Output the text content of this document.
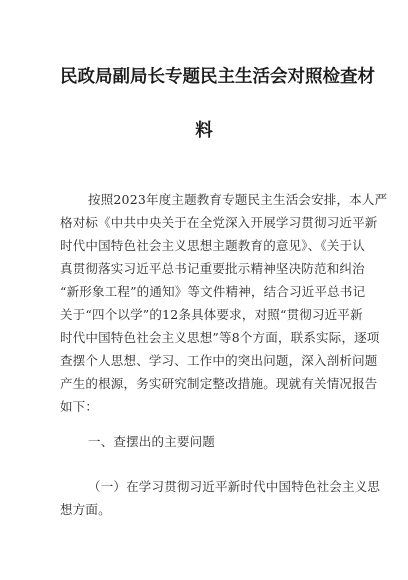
民政局副局长专题民主生活会对照检查材
料
按照2023年度主题教育专题民主生活会安排，本人严
格对标《中共中央关于在全党深入开展学习贯彻习近平新
时代中国特色社会主义思想主题教育的意见》、《关于认
真贯彻落实习近平总书记重要批示精神坚决防范和纠治
“新形象工程”的通知》等文件精神，结合习近平总书记
关于“四个以学”的12条具体要求，对照“贯彻习近平新
时代中国特色社会主义思想”等8个方面，联系实际，逐项
查摆个人思想、学习、工作中的突出问题，深入剖析问题
产生的根源，务实研究制定整改措施。现就有关情况报告
如下：
一、查摆出的主要问题
（一）在学习贯彻习近平新时代中国特色社会主义思
想方面。
